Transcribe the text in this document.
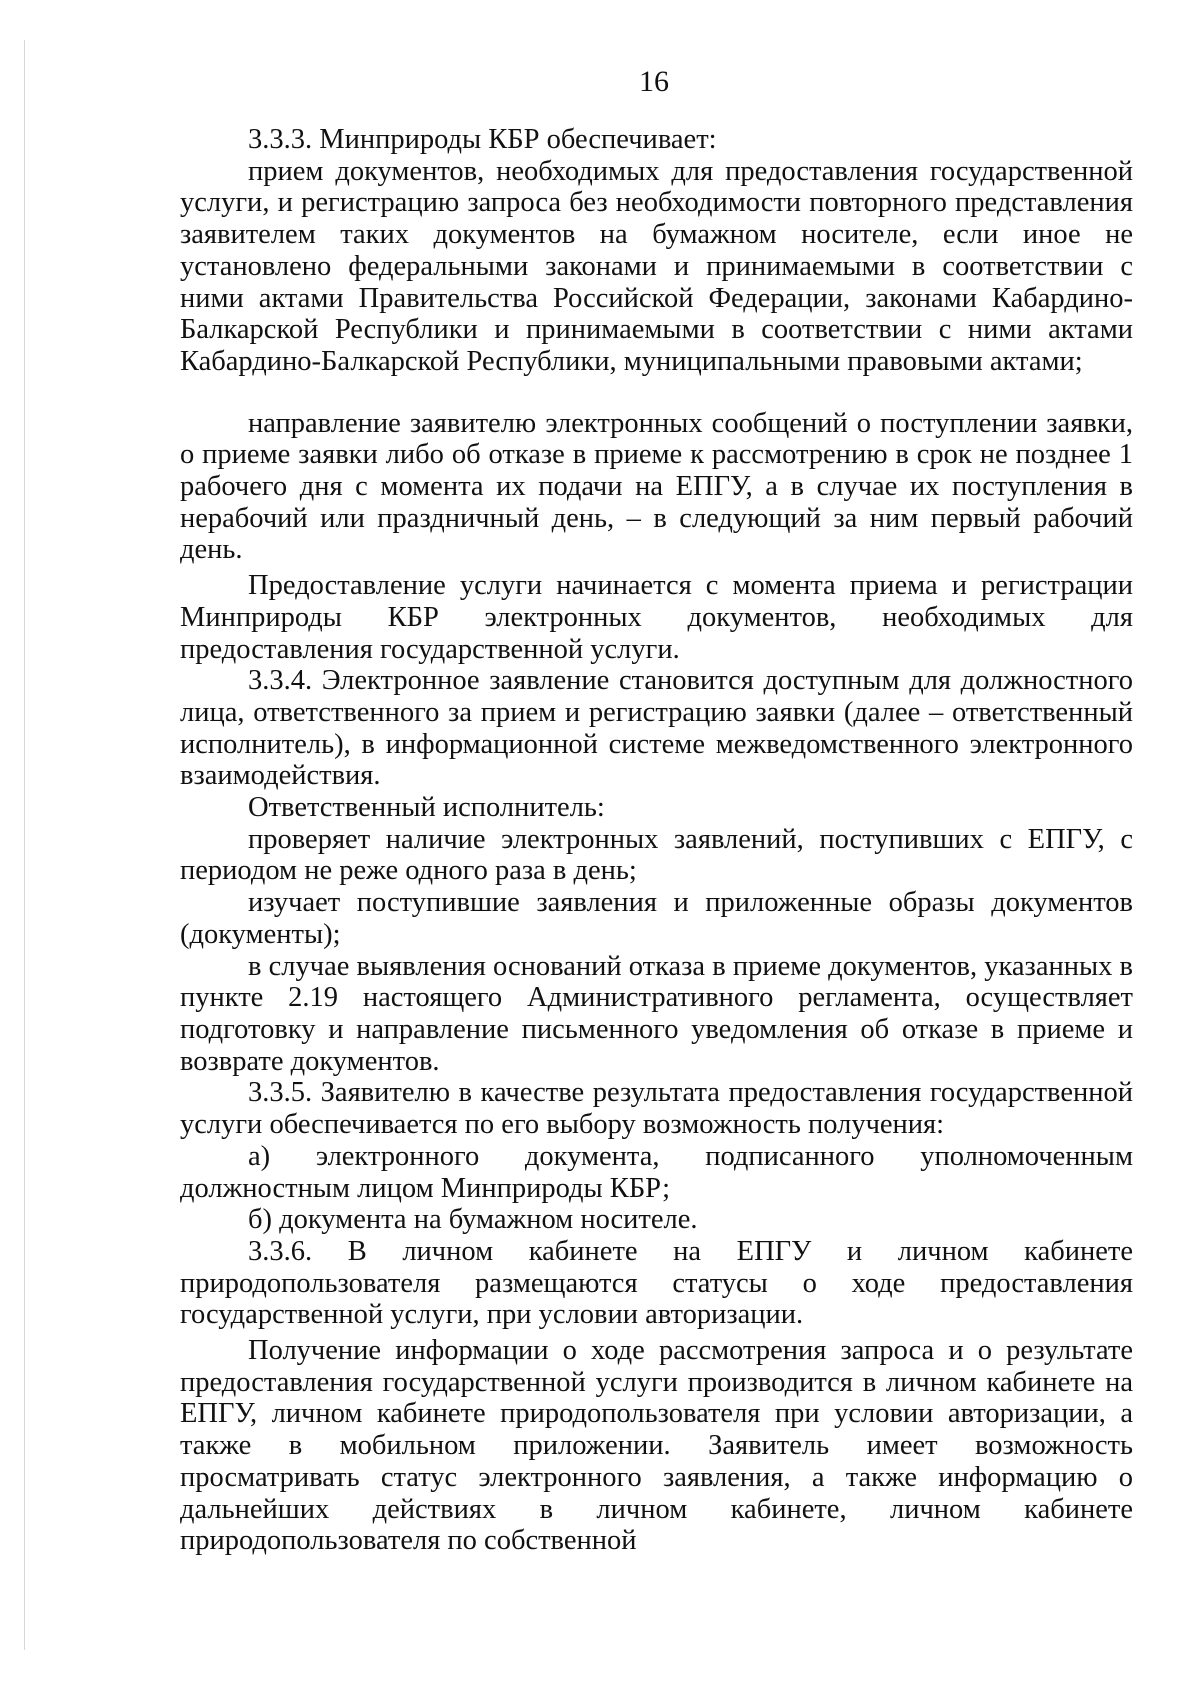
16

3.3.3. Минприроды КБР обеспечивает:

прием документов, необходимых для предоставления государственной услуги, и регистрацию запроса без необходимости повторного представления заявителем таких документов на бумажном носителе, если иное не установлено федеральными законами и принимаемыми в соответствии с ними актами Правительства Российской Федерации, законами Кабардино-Балкарской Республики и принимаемыми в соответствии с ними актами Кабардино-Балкарской Республики, муниципальными правовыми актами;

направление заявителю электронных сообщений о поступлении заявки, о приеме заявки либо об отказе в приеме к рассмотрению в срок не позднее 1 рабочего дня с момента их подачи на ЕПГУ, а в случае их поступления в нерабочий или праздничный день, – в следующий за ним первый рабочий день.

Предоставление услуги начинается с момента приема и регистрации Минприроды КБР электронных документов, необходимых для предоставления государственной услуги.

3.3.4. Электронное заявление становится доступным для должностного лица, ответственного за прием и регистрацию заявки (далее – ответственный исполнитель), в информационной системе межведомственного электронного взаимодействия.

Ответственный исполнитель:

проверяет наличие электронных заявлений, поступивших с ЕПГУ, с периодом не реже одного раза в день;

изучает поступившие заявления и приложенные образы документов (документы);

в случае выявления оснований отказа в приеме документов, указанных в пункте 2.19 настоящего Административного регламента, осуществляет подготовку и направление письменного уведомления об отказе в приеме и возврате документов.

3.3.5. Заявителю в качестве результата предоставления государственной услуги обеспечивается по его выбору возможность получения:

а) электронного документа, подписанного уполномоченным должностным лицом Минприроды КБР;

б) документа на бумажном носителе.

3.3.6. В личном кабинете на ЕПГУ и личном кабинете природопользователя размещаются статусы о ходе предоставления государственной услуги, при условии авторизации.

Получение информации о ходе рассмотрения запроса и о результате предоставления государственной услуги производится в личном кабинете на ЕПГУ, личном кабинете природопользователя при условии авторизации, а также в мобильном приложении. Заявитель имеет возможность просматривать статус электронного заявления, а также информацию о дальнейших действиях в личном кабинете, личном кабинете природопользователя по собственной
